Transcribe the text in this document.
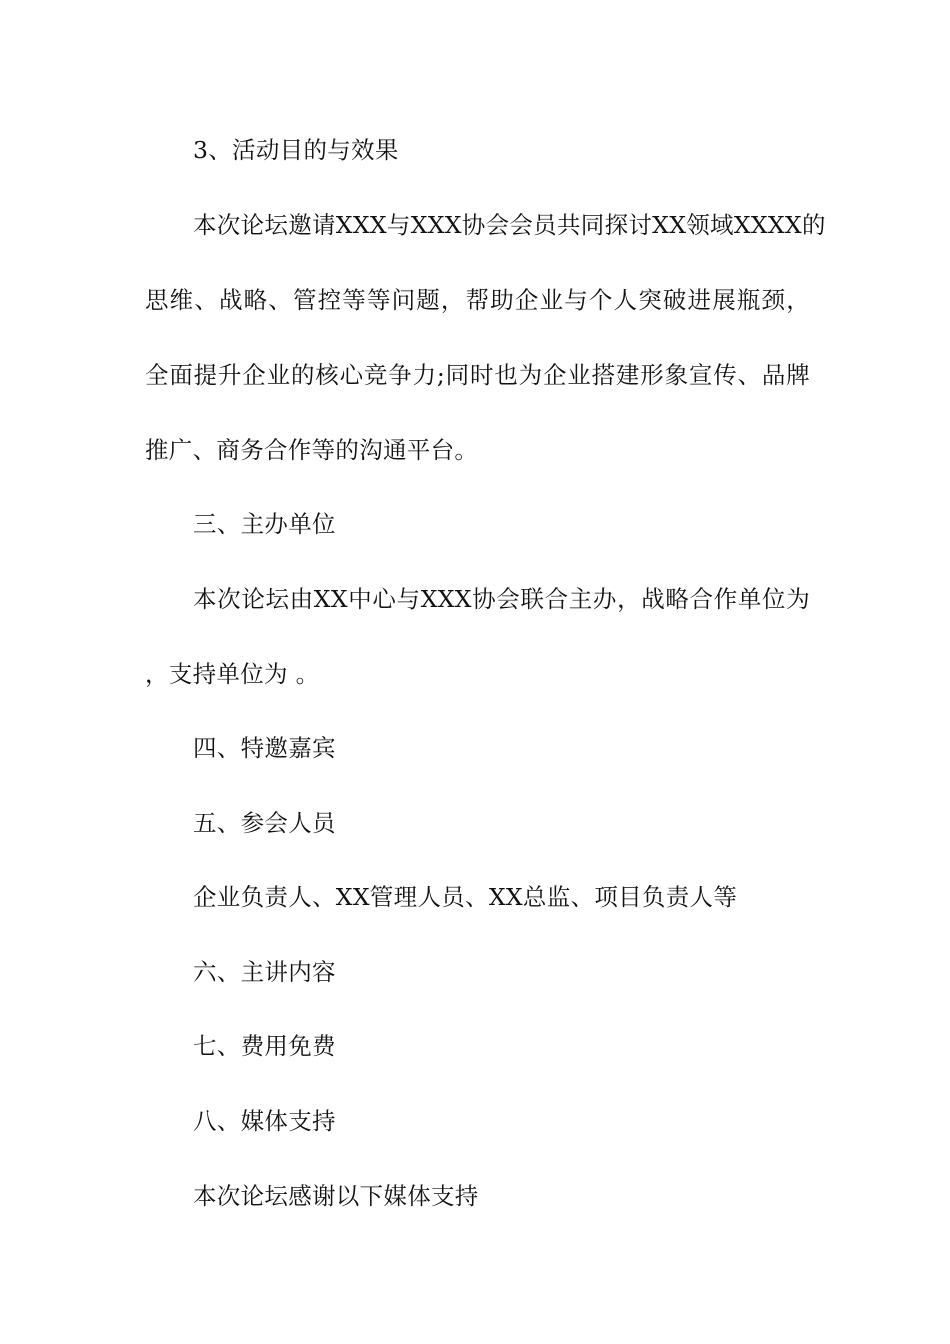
3、活动目的与效果
本次论坛邀请XXX与XXX协会会员共同探讨XX领域XXXX的
思维、战略、管控等等问题，帮助企业与个人突破进展瓶颈，
全面提升企业的核心竞争力;同时也为企业搭建形象宣传、品牌
推广、商务合作等的沟通平台。
三、主办单位
本次论坛由XX中心与XXX协会联合主办，战略合作单位为
，支持单位为 。
四、特邀嘉宾
五、参会人员
企业负责人、XX管理人员、XX总监、项目负责人等
六、主讲内容
七、费用免费
八、媒体支持
本次论坛感谢以下媒体支持
